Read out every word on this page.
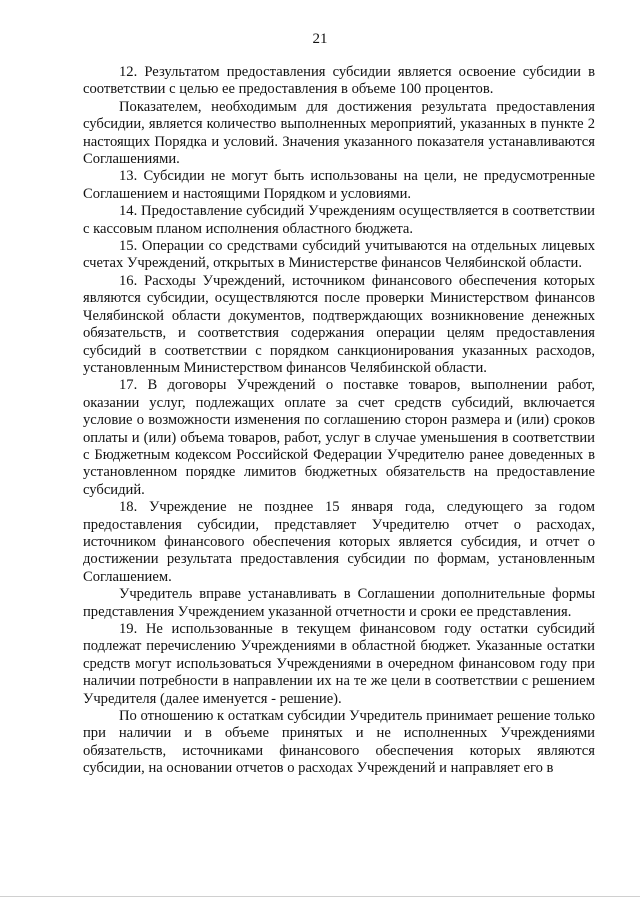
21

12. Результатом предоставления субсидии является освоение субсидии в соответствии с целью ее предоставления в объеме 100 процентов.

Показателем, необходимым для достижения результата предоставления субсидии, является количество выполненных мероприятий, указанных в пункте 2 настоящих Порядка и условий. Значения указанного показателя устанавливаются Соглашениями.

13. Субсидии не могут быть использованы на цели, не предусмотренные Соглашением и настоящими Порядком и условиями.

14. Предоставление субсидий Учреждениям осуществляется в соответствии с кассовым планом исполнения областного бюджета.

15. Операции со средствами субсидий учитываются на отдельных лицевых счетах Учреждений, открытых в Министерстве финансов Челябинской области.

16. Расходы Учреждений, источником финансового обеспечения которых являются субсидии, осуществляются после проверки Министерством финансов Челябинской области документов, подтверждающих возникновение денежных обязательств, и соответствия содержания операции целям предоставления субсидий в соответствии с порядком санкционирования указанных расходов, установленным Министерством финансов Челябинской области.

17. В договоры Учреждений о поставке товаров, выполнении работ, оказании услуг, подлежащих оплате за счет средств субсидий, включается условие о возможности изменения по соглашению сторон размера и (или) сроков оплаты и (или) объема товаров, работ, услуг в случае уменьшения в соответствии с Бюджетным кодексом Российской Федерации Учредителю ранее доведенных в установленном порядке лимитов бюджетных обязательств на предоставление субсидий.

18. Учреждение не позднее 15 января года, следующего за годом предоставления субсидии, представляет Учредителю отчет о расходах, источником финансового обеспечения которых является субсидия, и отчет о достижении результата предоставления субсидии по формам, установленным Соглашением.

Учредитель вправе устанавливать в Соглашении дополнительные формы представления Учреждением указанной отчетности и сроки ее представления.

19. Не использованные в текущем финансовом году остатки субсидий подлежат перечислению Учреждениями в областной бюджет. Указанные остатки средств могут использоваться Учреждениями в очередном финансовом году при наличии потребности в направлении их на те же цели в соответствии с решением Учредителя (далее именуется - решение).

По отношению к остаткам субсидии Учредитель принимает решение только при наличии и в объеме принятых и не исполненных Учреждениями обязательств, источниками финансового обеспечения которых являются субсидии, на основании отчетов о расходах Учреждений и направляет его в
